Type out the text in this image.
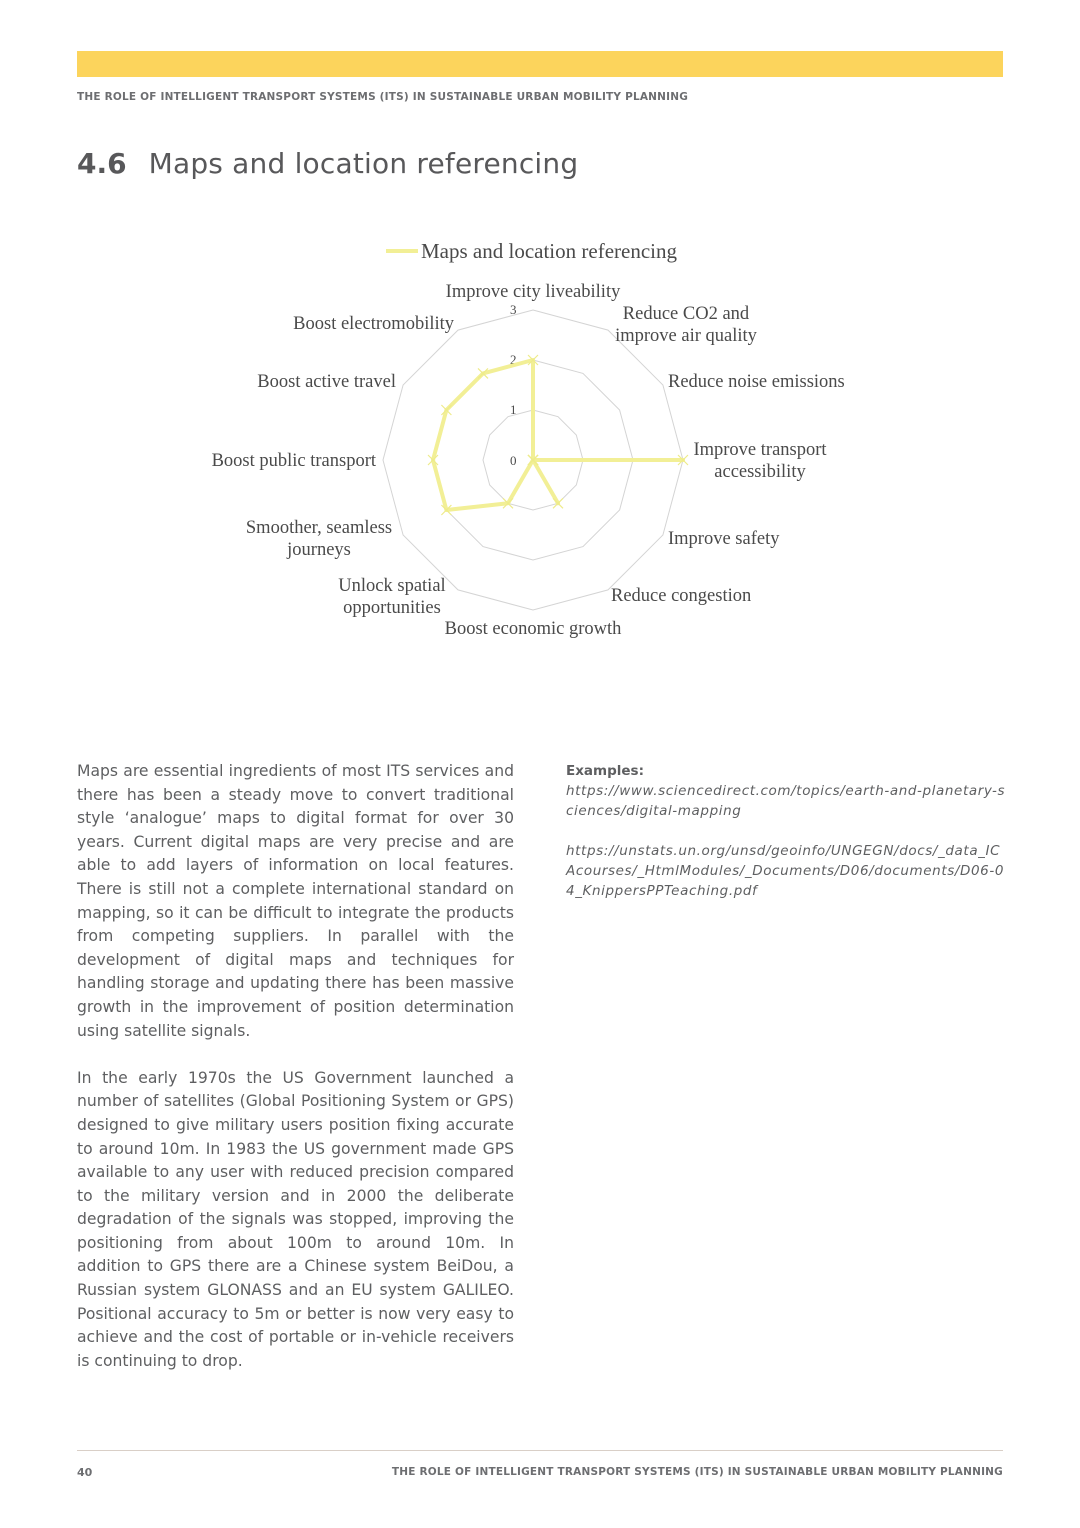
THE ROLE OF INTELLIGENT TRANSPORT SYSTEMS (ITS) IN SUSTAINABLE URBAN MOBILITY PLANNING
4.6 Maps and location referencing
Maps and location referencing
0
1
2
3
Improve city liveability
Reduce CO2 and
improve air quality
Reduce noise emissions
Improve transport
accessibility
Improve safety
Reduce congestion
Boost economic growth
Unlock spatial
opportunities
Smoother, seamless
journeys
Boost public transport
Boost active travel
Boost electromobility

Maps are essential ingredients of most ITS services and there has been a steady move to convert traditional style ‘analogue’ maps to digital format for over 30 years. Current digital maps are very precise and are able to add layers of information on local features. There is still not a complete international standard on mapping, so it can be difficult to integrate the products from competing suppliers. In parallel with the development of digital maps and techniques for handling storage and updating there has been massive growth in the improvement of position determination using satellite signals.

In the early 1970s the US Government launched a number of satellites (Global Positioning System or GPS) designed to give military users position fixing accurate to around 10m. In 1983 the US government made GPS available to any user with reduced precision compared to the military version and in 2000 the deliberate degradation of the signals was stopped, improving the positioning from about 100m to around 10m. In addition to GPS there are a Chinese system BeiDou, a Russian system GLONASS and an EU system GALILEO. Positional accuracy to 5m or better is now very easy to achieve and the cost of portable or in-vehicle receivers is continuing to drop.

Examples:
https://www.sciencedirect.com/topics/earth-and-planetary-sciences/digital-mapping
https://unstats.un.org/unsd/geoinfo/UNGEGN/docs/_data_ICAcourses/_HtmlModules/_Documents/D06/documents/D06-04_KnippersPPTeaching.pdf
40	THE ROLE OF INTELLIGENT TRANSPORT SYSTEMS (ITS) IN SUSTAINABLE URBAN MOBILITY PLANNING
